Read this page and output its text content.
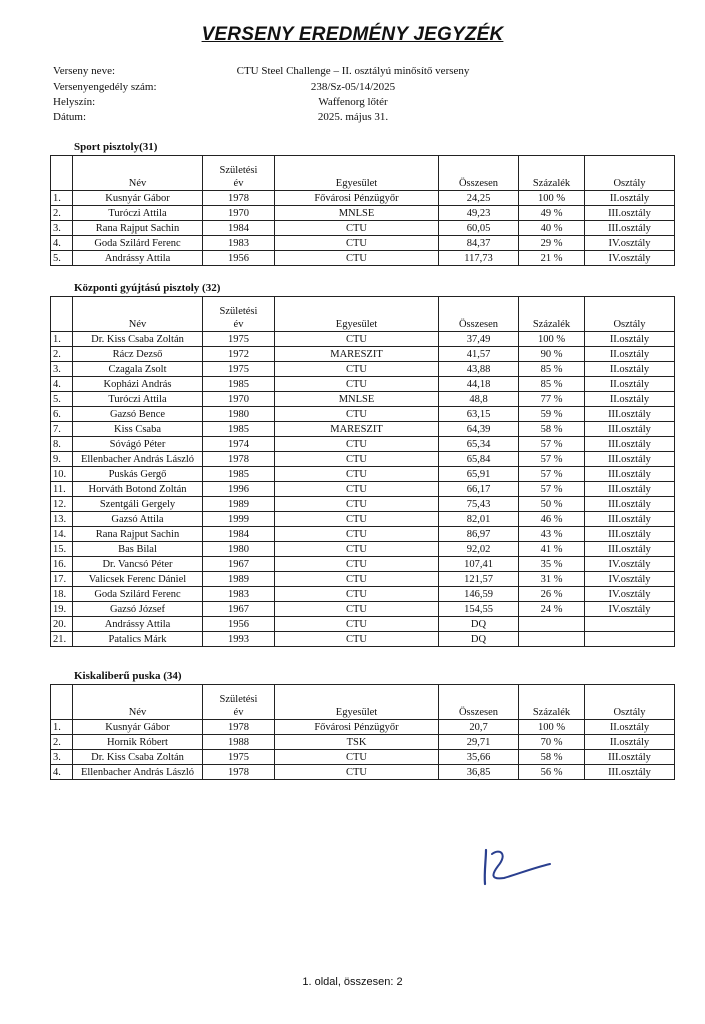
VERSENY EREDMÉNY JEGYZÉK
Verseny neve:	CTU Steel Challenge – II. osztályú minősítő verseny
Versenyengedély szám:	238/Sz-05/14/2025
Helyszín:	Waffenorg lőtér
Dátum:	2025. május 31.
Sport pisztoly(31)
	Név	Születési
év	Egyesület	Összesen	Százalék	Osztály
1.	Kusnyár Gábor	1978	Fővárosi Pénzügyőr	24,25	100 %	II.osztály
2.	Turóczi Attila	1970	MNLSE	49,23	49 %	III.osztály
3.	Rana Rajput Sachin	1984	CTU	60,05	40 %	III.osztály
4.	Goda Szilárd Ferenc	1983	CTU	84,37	29 %	IV.osztály
5.	Andrássy Attila	1956	CTU	117,73	21 %	IV.osztály
Központi gyújtású pisztoly (32)
	Név	Születési
év	Egyesület	Összesen	Százalék	Osztály
1.	Dr. Kiss Csaba Zoltán	1975	CTU	37,49	100 %	II.osztály
2.	Rácz Dezső	1972	MARESZIT	41,57	90 %	II.osztály
3.	Czagala Zsolt	1975	CTU	43,88	85 %	II.osztály
4.	Kopházi András	1985	CTU	44,18	85 %	II.osztály
5.	Turóczi Attila	1970	MNLSE	48,8	77 %	II.osztály
6.	Gazsó Bence	1980	CTU	63,15	59 %	III.osztály
7.	Kiss Csaba	1985	MARESZIT	64,39	58 %	III.osztály
8.	Sóvágó Péter	1974	CTU	65,34	57 %	III.osztály
9.	Ellenbacher András László	1978	CTU	65,84	57 %	III.osztály
10.	Puskás Gergő	1985	CTU	65,91	57 %	III.osztály
11.	Horváth Botond Zoltán	1996	CTU	66,17	57 %	III.osztály
12.	Szentgáli Gergely	1989	CTU	75,43	50 %	III.osztály
13.	Gazsó Attila	1999	CTU	82,01	46 %	III.osztály
14.	Rana Rajput Sachin	1984	CTU	86,97	43 %	III.osztály
15.	Bas Bilal	1980	CTU	92,02	41 %	III.osztály
16.	Dr. Vancsó Péter	1967	CTU	107,41	35 %	IV.osztály
17.	Valicsek Ferenc Dániel	1989	CTU	121,57	31 %	IV.osztály
18.	Goda Szilárd Ferenc	1983	CTU	146,59	26 %	IV.osztály
19.	Gazsó József	1967	CTU	154,55	24 %	IV.osztály
20.	Andrássy Attila	1956	CTU	DQ		
21.	Patalics Márk	1993	CTU	DQ		
Kiskaliberű puska (34)
	Név	Születési
év	Egyesület	Összesen	Százalék	Osztály
1.	Kusnyár Gábor	1978	Fővárosi Pénzügyőr	20,7	100 %	II.osztály
2.	Hornik Róbert	1988	TSK	29,71	70 %	II.osztály
3.	Dr. Kiss Csaba Zoltán	1975	CTU	35,66	58 %	III.osztály
4.	Ellenbacher András László	1978	CTU	36,85	56 %	III.osztály
1. oldal, összesen: 2
